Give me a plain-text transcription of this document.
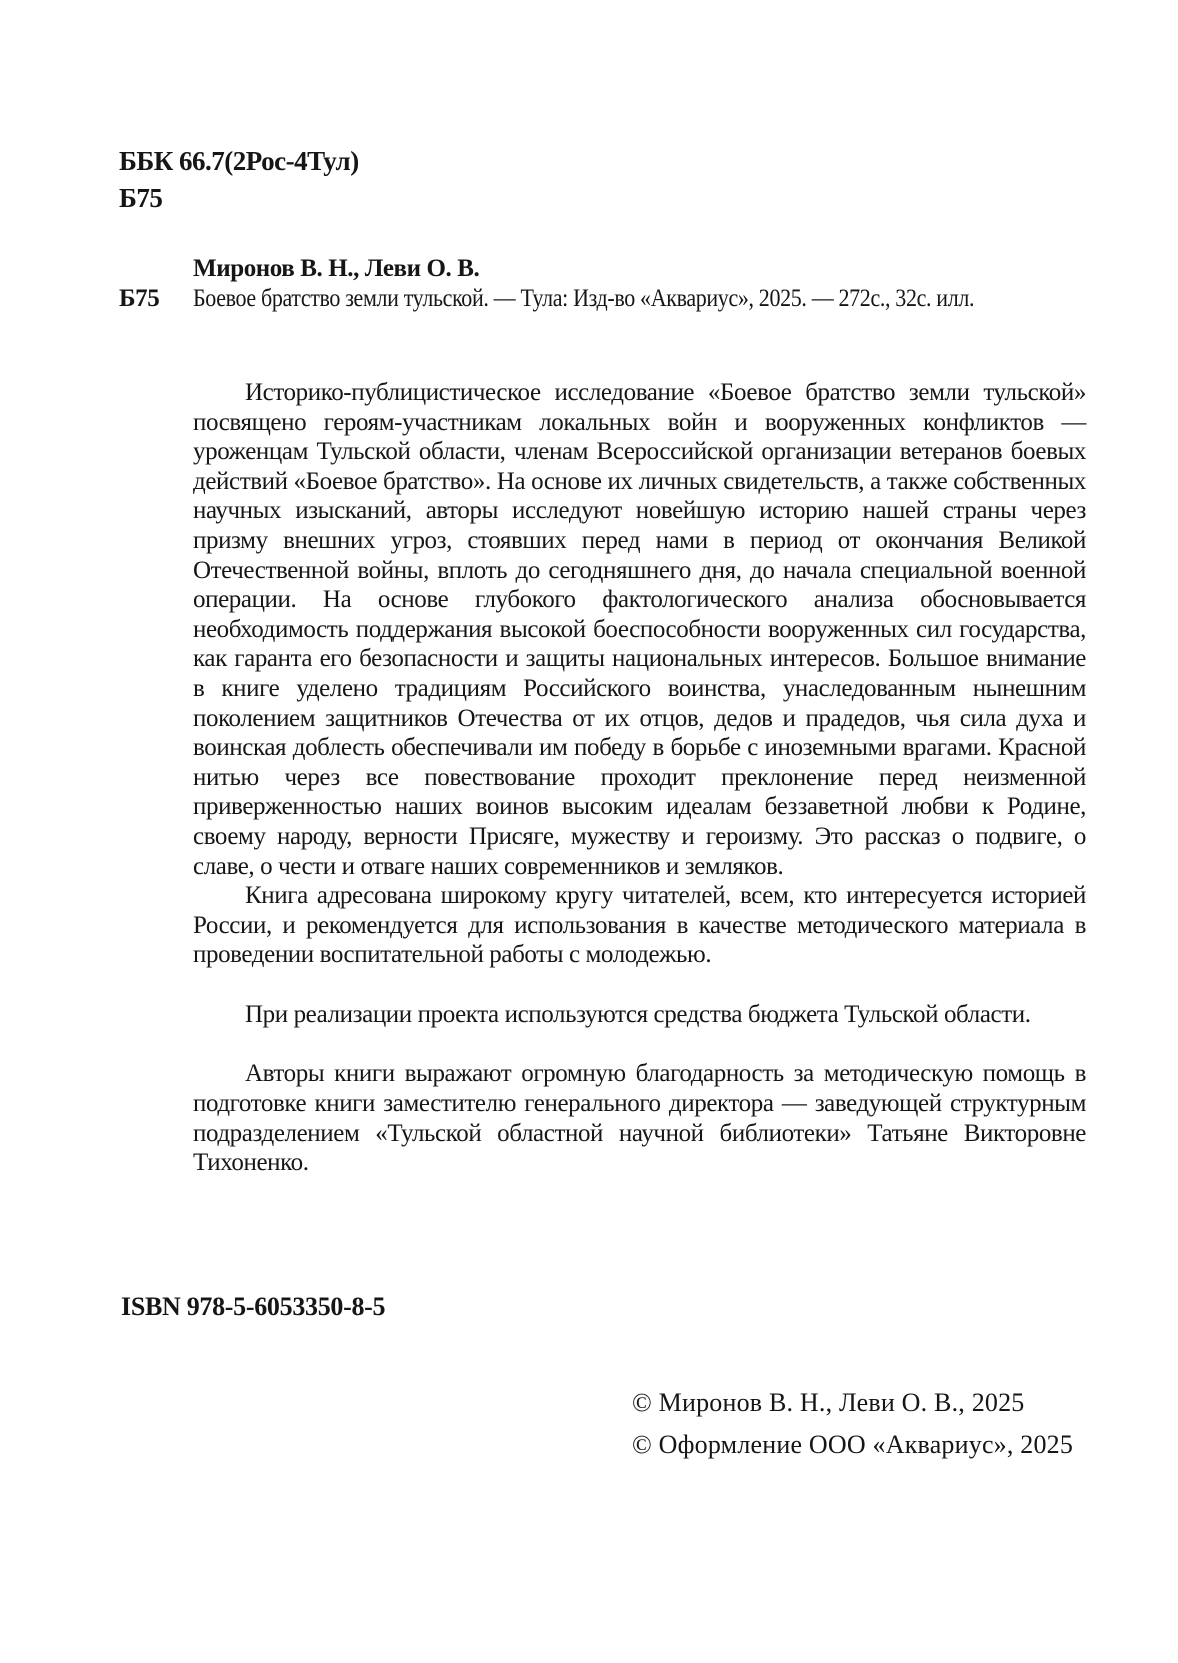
ББК 66.7(2Рос-4Тул)
Б75
Миронов В. Н., Леви О. В.
Б75	Боевое братство земли тульской. — Тула: Изд-во «Аквариус», 2025. — 272с., 32с. илл.

Историко-публицистическое исследование «Боевое братство земли тульской» посвящено героям-участникам локальных войн и вооруженных конфликтов — уроженцам Тульской области, членам Всероссийской организации ветеранов боевых действий «Боевое братство». На основе их личных свидетельств, а также собственных научных изысканий, авторы исследуют новейшую историю нашей страны через призму внешних угроз, стоявших перед нами в период от окончания Великой Отечественной войны, вплоть до сегодняшнего дня, до начала специальной военной операции. На основе глубокого фактологического анализа обосновывается необходимость поддержания высокой боеспособности вооруженных сил государства, как гаранта его безопасности и защиты национальных интересов. Большое внимание в книге уделено традициям Российского воинства, унаследованным нынешним поколением защитников Отечества от их отцов, дедов и прадедов, чья сила духа и воинская доблесть обеспечивали им победу в борьбе с иноземными врагами. Красной нитью через все повествование проходит преклонение перед неизменной приверженностью наших воинов высоким идеалам беззаветной любви к Родине, своему народу, верности Присяге, мужеству и героизму. Это рассказ о подвиге, о славе, о чести и отваге наших современников и земляков.

Книга адресована широкому кругу читателей, всем, кто интересуется историей России, и рекомендуется для использования в качестве методического материала в проведении воспитательной работы с молодежью.

При реализации проекта используются средства бюджета Тульской области.

Авторы книги выражают огромную благодарность за методическую помощь в подготовке книги заместителю генерального директора — заведующей структурным подразделением «Тульской областной научной библиотеки» Татьяне Викторовне Тихоненко.

ISBN 978-5-6053350-8-5
© Миронов В. Н., Леви О. В., 2025
© Оформление ООО «Аквариус», 2025
